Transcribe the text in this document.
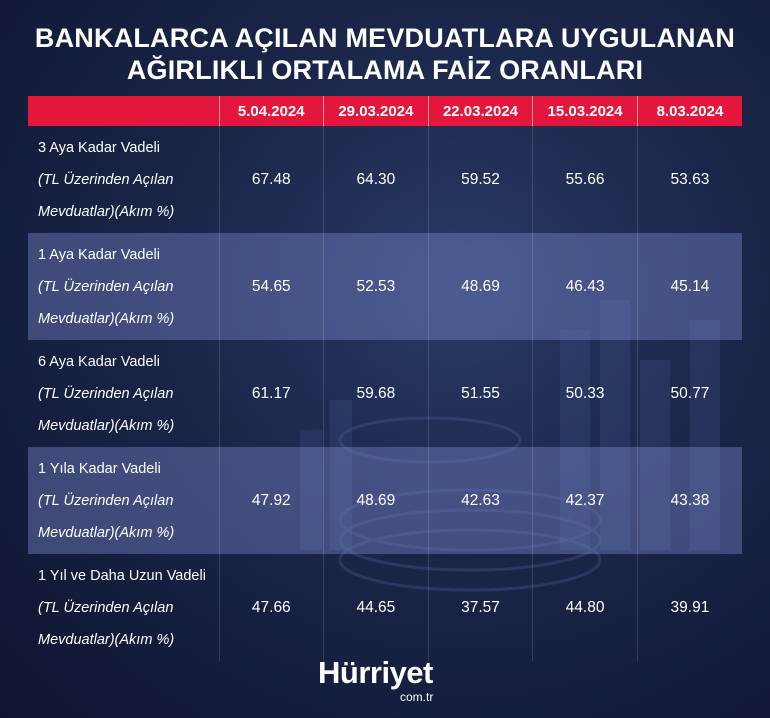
BANKALARCA AÇILAN MEVDUATLARA UYGULANAN
AĞIRLIKLI ORTALAMA FAİZ ORANLARI
	5.04.2024	29.03.2024	22.03.2024	15.03.2024	8.03.2024

3 Aya Kadar Vadeli
(TL Üzerinden Açılan
Mevduatlar)(Akım %)	67.48	64.30	59.52	55.66	53.63

1 Aya Kadar Vadeli
(TL Üzerinden Açılan
Mevduatlar)(Akım %)	54.65	52.53	48.69	46.43	45.14

6 Aya Kadar Vadeli
(TL Üzerinden Açılan
Mevduatlar)(Akım %)	61.17	59.68	51.55	50.33	50.77

1 Yıla Kadar Vadeli
(TL Üzerinden Açılan
Mevduatlar)(Akım %)	47.92	48.69	42.63	42.37	43.38

1 Yıl ve Daha Uzun Vadeli
(TL Üzerinden Açılan
Mevduatlar)(Akım %)	47.66	44.65	37.57	44.80	39.91
Hürriyet
com.tr
